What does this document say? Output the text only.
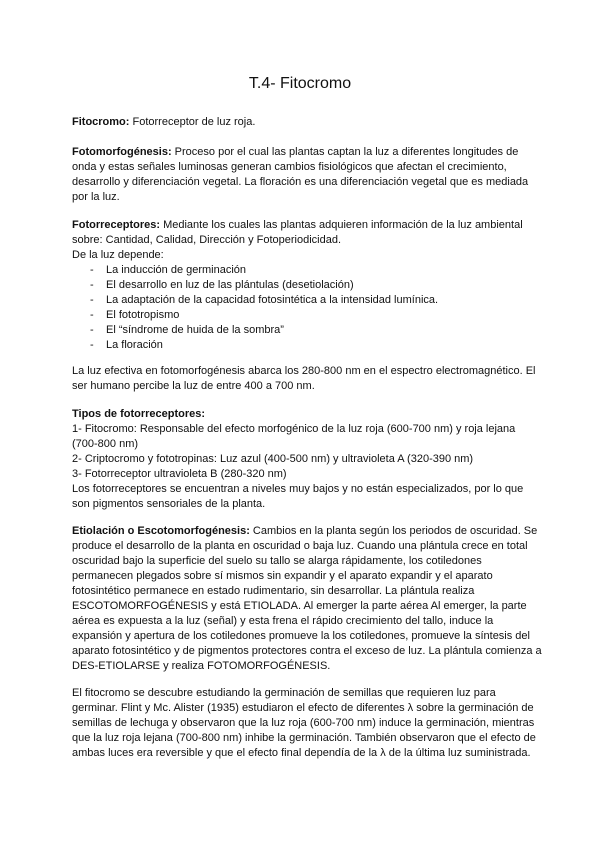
T.4- Fitocromo

Fitocromo: Fotorreceptor de luz roja.

Fotomorfogénesis: Proceso por el cual las plantas captan la luz a diferentes longitudes de onda y estas señales luminosas generan cambios fisiológicos que afectan el crecimiento, desarrollo y diferenciación vegetal. La floración es una diferenciación vegetal que es mediada por la luz.

Fotorreceptores: Mediante los cuales las plantas adquieren información de la luz ambiental sobre: Cantidad, Calidad, Dirección y Fotoperiodicidad.

De la luz depende:

- La inducción de germinación
- El desarrollo en luz de las plántulas (desetiolación)
- La adaptación de la capacidad fotosintética a la intensidad lumínica.
- El fototropismo
- El “síndrome de huida de la sombra”
- La floración

La luz efectiva en fotomorfogénesis abarca los 280-800 nm en el espectro electromagnético. El ser humano percibe la luz de entre 400 a 700 nm.

Tipos de fotorreceptores:

1- Fitocromo: Responsable del efecto morfogénico de la luz roja (600-700 nm) y roja lejana (700-800 nm)

2- Criptocromo y fototropinas: Luz azul (400-500 nm) y ultravioleta A (320-390 nm)

3- Fotorreceptor ultravioleta B (280-320 nm)

Los fotorreceptores se encuentran a niveles muy bajos y no están especializados, por lo que son pigmentos sensoriales de la planta.

Etiolación o Escotomorfogénesis: Cambios en la planta según los periodos de oscuridad. Se produce el desarrollo de la planta en oscuridad o baja luz. Cuando una plántula crece en total oscuridad bajo la superficie del suelo su tallo se alarga rápidamente, los cotiledones permanecen plegados sobre sí mismos sin expandir y el aparato expandir y el aparato fotosintético permanece en estado rudimentario, sin desarrollar. La plántula realiza ESCOTOMORFOGÉNESIS y está ETIOLADA. Al emerger la parte aérea Al emerger, la parte aérea es expuesta a la luz (señal) y esta frena el rápido crecimiento del tallo, induce la expansión y apertura de los cotiledones promueve la los cotiledones, promueve la síntesis del aparato fotosintético y de pigmentos protectores contra el exceso de luz. La plántula comienza a DES-ETIOLARSE y realiza FOTOMORFOGÉNESIS.

El fitocromo se descubre estudiando la germinación de semillas que requieren luz para germinar. Flint y Mc. Alister (1935) estudiaron el efecto de diferentes λ sobre la germinación de semillas de lechuga y observaron que la luz roja (600-700 nm) induce la germinación, mientras que la luz roja lejana (700-800 nm) inhibe la germinación. También observaron que el efecto de ambas luces era reversible y que el efecto final dependía de la λ de la última luz suministrada.
